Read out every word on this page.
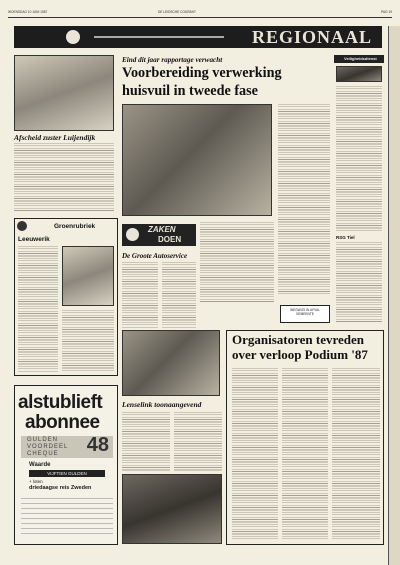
WOENSDAG 10 JUNI 1987	DE LEIDSCHE COURANT	PAG 19
REGIONAAL
Afscheid zuster Luijendijk
Eind dit jaar rapportage verwacht
Voorbereiding verwerking
huisvuil in tweede fase
Veiligheidsdienst
RSG Tiel
Groenrubriek
Leeuwerik
ZAKEN
DOEN
De Groote Autoservice
Lenselink toonaangevend
Organisatoren tevreden
over verloop Podium '87
WEGWIJS IN AFVAL
GEMEENTE
alstublieft
abonnee
GULDEN
VOORDEEL
CHEQUE 48
Waarde
VIJFTIEN GULDEN
+ loten
driedaagse reis Zweden
